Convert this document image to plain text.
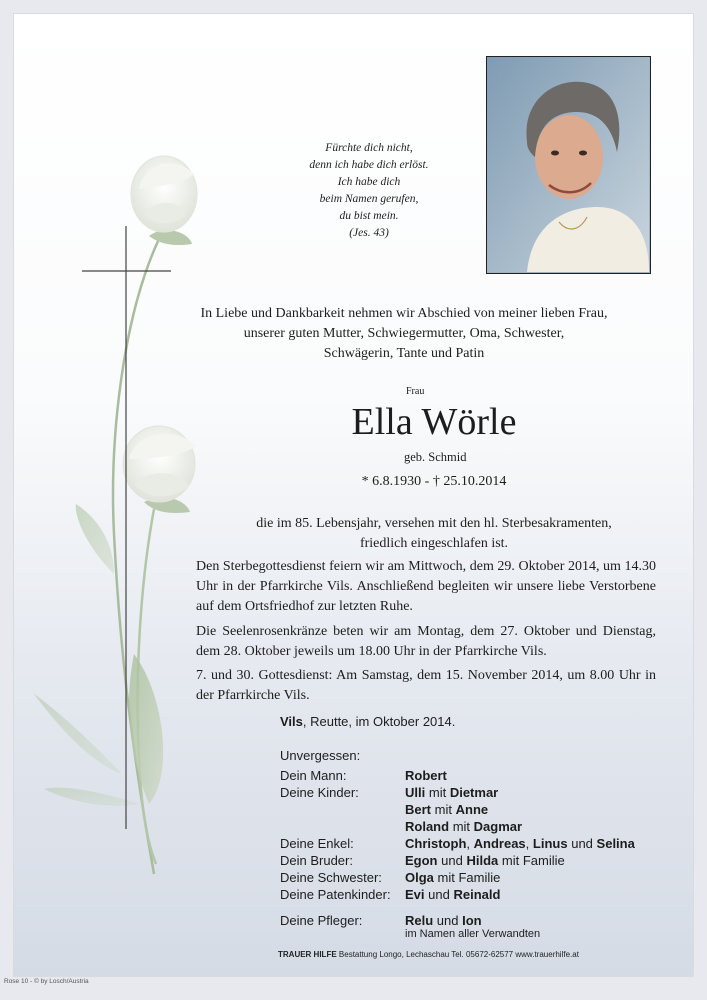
Fürchte dich nicht,
denn ich habe dich erlöst.
Ich habe dich
beim Namen gerufen,
du bist mein.
(Jes. 43)
In Liebe und Dankbarkeit nehmen wir Abschied von meiner lieben Frau,
unserer guten Mutter, Schwiegermutter, Oma, Schwester,
Schwägerin, Tante und Patin
Frau
Ella Wörle
geb. Schmid
* 6.8.1930 - † 25.10.2014
die im 85. Lebensjahr, versehen mit den hl. Sterbesakramenten,
friedlich eingeschlafen ist.
Den Sterbegottesdienst feiern wir am Mittwoch, dem 29. Oktober 2014, um 14.30 Uhr in der Pfarrkirche Vils. Anschließend begleiten wir unsere liebe Verstorbene auf dem Ortsfriedhof zur letzten Ruhe.
Die Seelenrosenkränze beten wir am Montag, dem 27. Oktober und Dienstag, dem 28. Oktober jeweils um 18.00 Uhr in der Pfarrkirche Vils.
7. und 30. Gottesdienst: Am Samstag, dem 15. November 2014, um 8.00 Uhr in der Pfarrkirche Vils.
Vils, Reutte, im Oktober 2014.
Unvergessen:
Dein Mann:	Robert
Deine Kinder:	Ulli mit Dietmar
Bert mit Anne
Roland mit Dagmar
Deine Enkel:	Christoph, Andreas, Linus und Selina
Dein Bruder:	Egon und Hilda mit Familie
Deine Schwester:	Olga mit Familie
Deine Patenkinder:	Evi und Reinald
Deine Pfleger:	Relu und Ion
im Namen aller Verwandten
TRAUER HILFE Bestattung Longo, Lechaschau Tel. 05672-62577 www.trauerhilfe.at
Rose 10 - © by Losch/Austria
